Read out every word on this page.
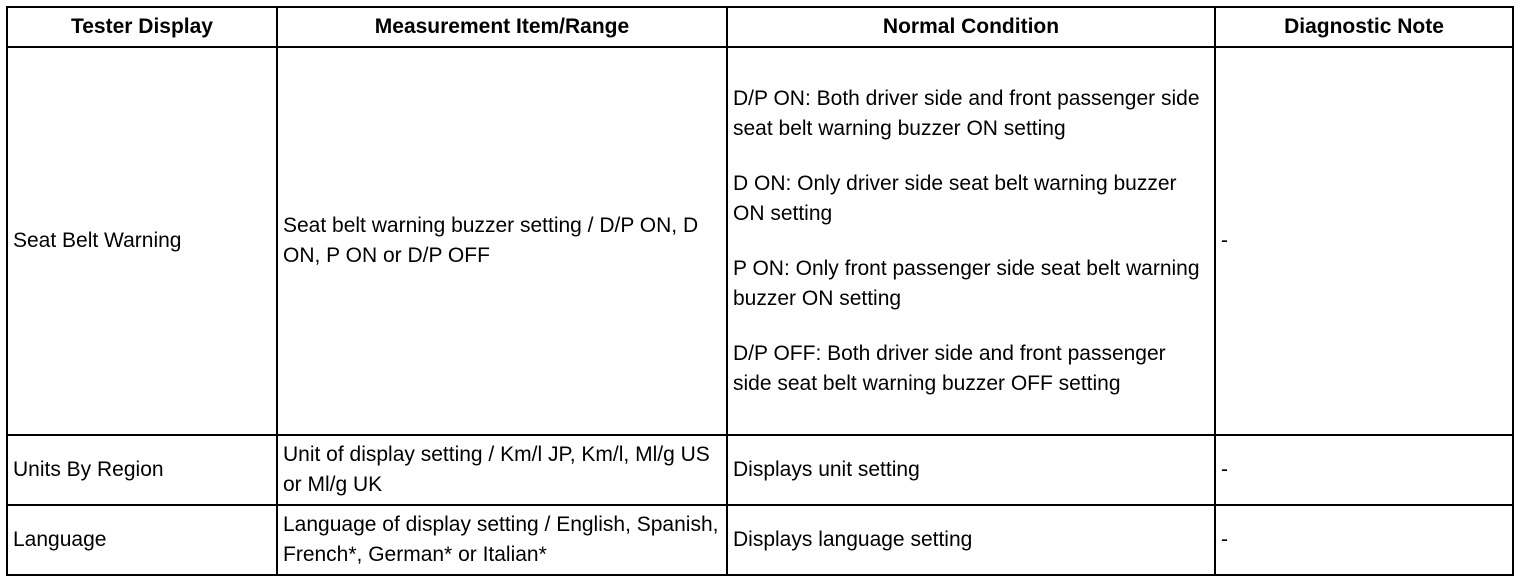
Tester Display	Measurement Item/Range	Normal Condition	Diagnostic Note
Seat Belt Warning	Seat belt warning buzzer setting / D/P ON, D ON, P ON or D/P OFF	D/P ON: Both driver side and front passenger side seat belt warning buzzer ON setting

D ON: Only driver side seat belt warning buzzer ON setting

P ON: Only front passenger side seat belt warning buzzer ON setting

D/P OFF: Both driver side and front passenger side seat belt warning buzzer OFF setting	-
Units By Region	Unit of display setting / Km/l JP, Km/l, Ml/g US or Ml/g UK	Displays unit setting	-
Language	Language of display setting / English, Spanish, French*, German* or Italian*	Displays language setting	-
